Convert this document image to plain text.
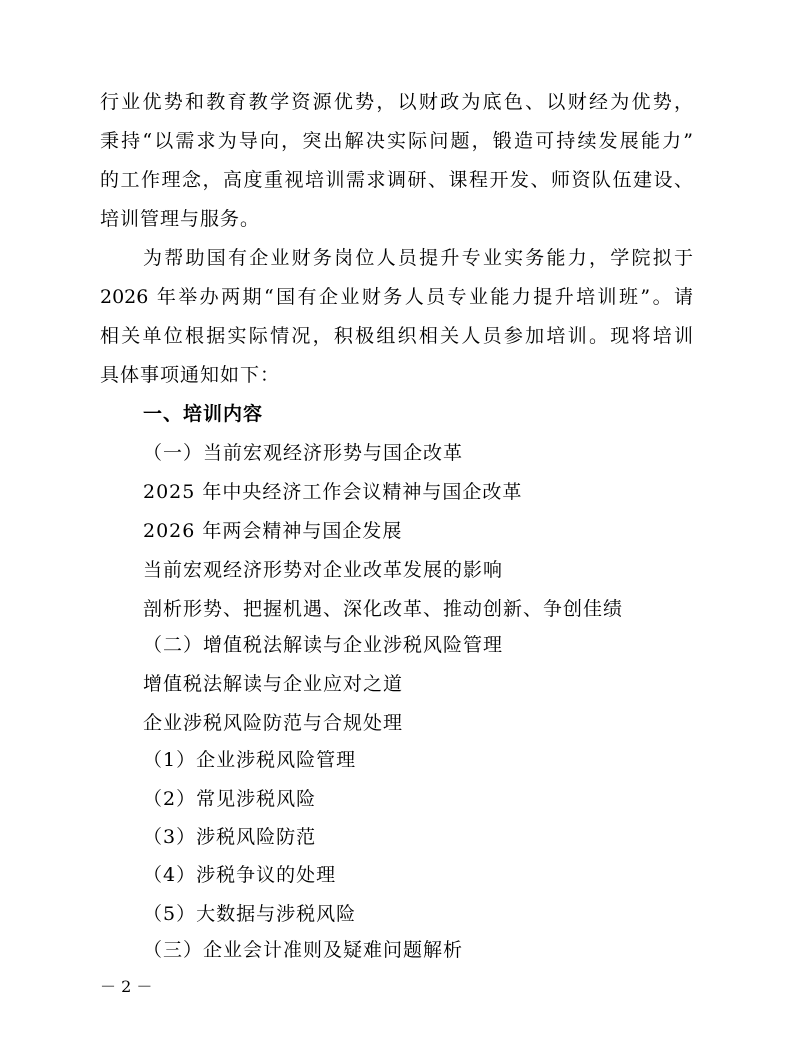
行业优势和教育教学资源优势，以财政为底色、以财经为优势，
秉持“以需求为导向，突出解决实际问题，锻造可持续发展能力”
的工作理念，高度重视培训需求调研、课程开发、师资队伍建设、
培训管理与服务。
为帮助国有企业财务岗位人员提升专业实务能力，学院拟于
2026 年举办两期“国有企业财务人员专业能力提升培训班”。请
相关单位根据实际情况，积极组织相关人员参加培训。现将培训
具体事项通知如下：
一、培训内容
（一）当前宏观经济形势与国企改革
2025 年中央经济工作会议精神与国企改革
2026 年两会精神与国企发展
当前宏观经济形势对企业改革发展的影响
剖析形势、把握机遇、深化改革、推动创新、争创佳绩
（二）增值税法解读与企业涉税风险管理
增值税法解读与企业应对之道
企业涉税风险防范与合规处理
（1）企业涉税风险管理
（2）常见涉税风险
（3）涉税风险防范
（4）涉税争议的处理
（5）大数据与涉税风险
（三）企业会计准则及疑难问题解析
－ 2 －
